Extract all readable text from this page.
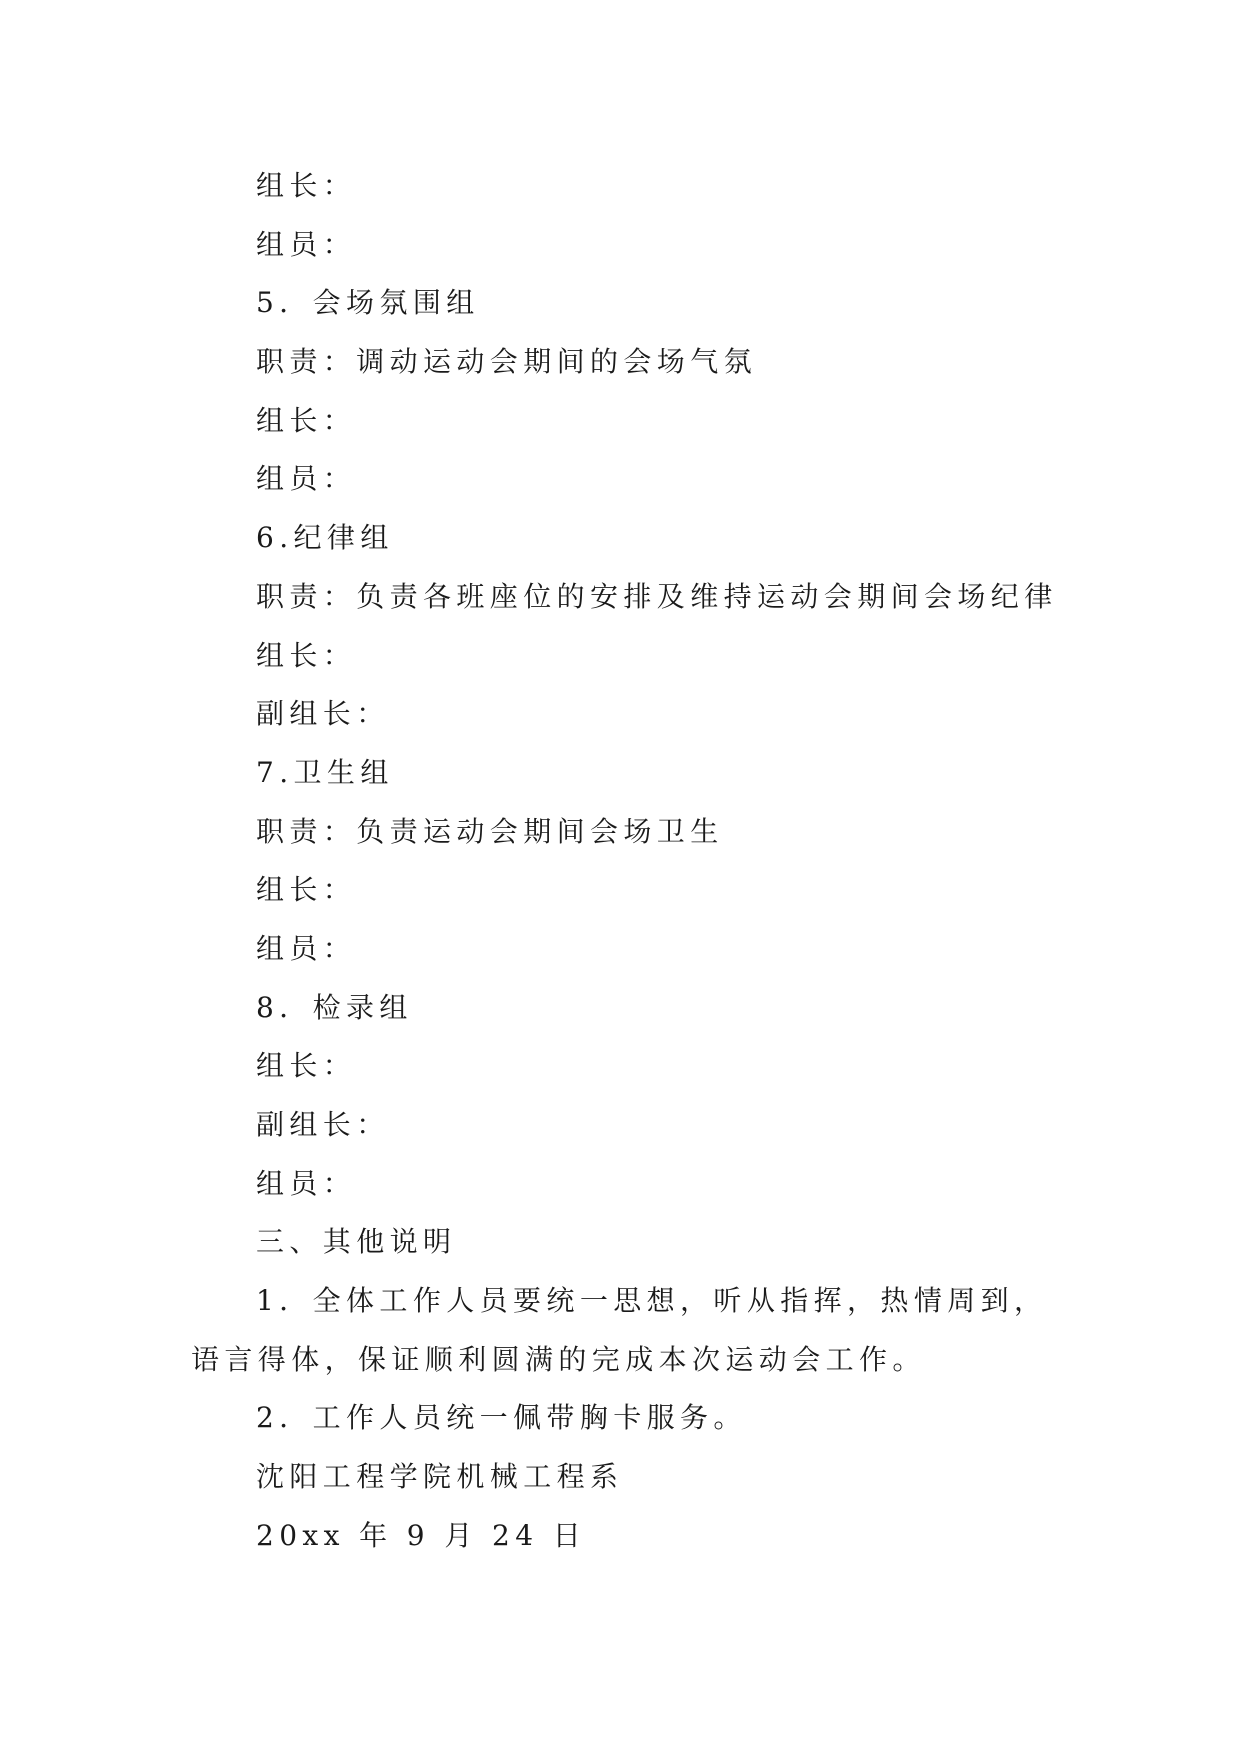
组长：

组员：

5．会场氛围组

职责：调动运动会期间的会场气氛

组长：

组员：

6.纪律组

职责：负责各班座位的安排及维持运动会期间会场纪律

组长：

副组长：

7.卫生组

职责：负责运动会期间会场卫生

组长：

组员：

8．检录组

组长：

副组长：

组员：

三、其他说明

1．全体工作人员要统一思想，听从指挥，热情周到，语言得体，保证顺利圆满的完成本次运动会工作。

2．工作人员统一佩带胸卡服务。

沈阳工程学院机械工程系

20xx 年 9 月 24 日
